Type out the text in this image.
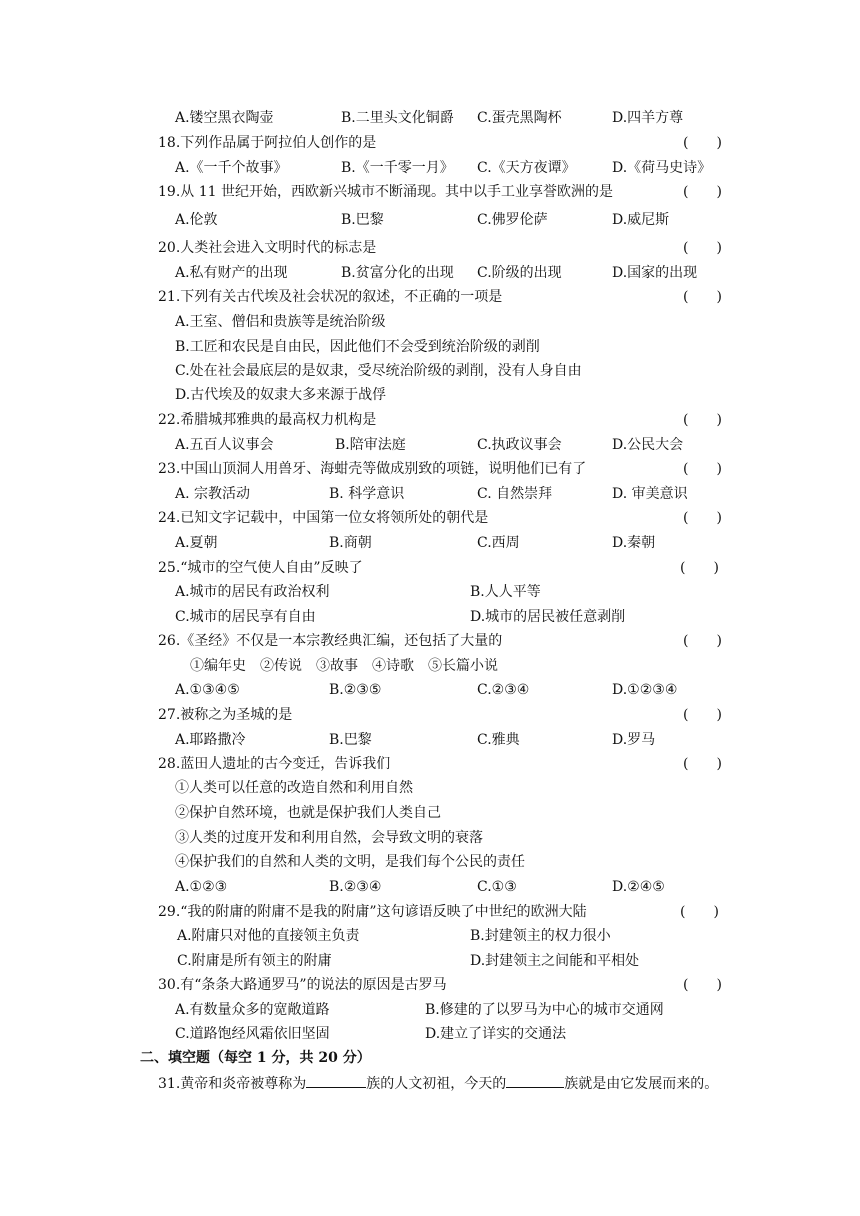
A.镂空黑衣陶壶	B.二里头文化铜爵 C.蛋壳黑陶杯	D.四羊方尊
18.下列作品属于阿拉伯人创作的是	(　　)
A.《一千个故事》	B.《一千零一月》 C.《天方夜谭》	D.《荷马史诗》
19.从 11 世纪开始，西欧新兴城市不断涌现。其中以手工业享誉欧洲的是	(　　)
A.伦敦	B.巴黎	C.佛罗伦萨	D.威尼斯
20.人类社会进入文明时代的标志是	(　　)
A.私有财产的出现	B.贫富分化的出现 C.阶级的出现	D.国家的出现
21.下列有关古代埃及社会状况的叙述，不正确的一项是	(　　)
A.王室、僧侣和贵族等是统治阶级
B.工匠和农民是自由民，因此他们不会受到统治阶级的剥削
C.处在社会最底层的是奴隶，受尽统治阶级的剥削，没有人身自由
D.古代埃及的奴隶大多来源于战俘
22.希腊城邦雅典的最高权力机构是	(　　)
A.五百人议事会	B.陪审法庭	C.执政议事会	D.公民大会
23.中国山顶洞人用兽牙、海蚶壳等做成别致的项链，说明他们已有了	(　　)
A. 宗教活动	B. 科学意识	C. 自然崇拜	D. 审美意识
24.已知文字记载中，中国第一位女将领所处的朝代是	(　　)
A.夏朝	B.商朝	C.西周	D.秦朝
25.“城市的空气使人自由”反映了	(　　)
A.城市的居民有政治权利	B.人人平等
C.城市的居民享有自由	D.城市的居民被任意剥削
26.《圣经》不仅是一本宗教经典汇编，还包括了大量的	(　　)
①编年史　②传说　③故事　④诗歌　⑤长篇小说
A.①③④⑤	B.②③⑤	C.②③④	D.①②③④
27.被称之为圣城的是	(　　)
A.耶路撒冷	B.巴黎	C.雅典	D.罗马
28.蓝田人遗址的古今变迁，告诉我们	(　　)
①人类可以任意的改造自然和利用自然
②保护自然环境，也就是保护我们人类自己
③人类的过度开发和利用自然，会导致文明的衰落
④保护我们的自然和人类的文明，是我们每个公民的责任
A.①②③	B.②③④	C.①③	D.②④⑤
29.“我的附庸的附庸不是我的附庸”这句谚语反映了中世纪的欧洲大陆	(　　)
A.附庸只对他的直接领主负责	B.封建领主的权力很小
C.附庸是所有领主的附庸	D.封建领主之间能和平相处
30.有“条条大路通罗马”的说法的原因是古罗马	(　　)
A.有数量众多的宽敞道路	B.修建的了以罗马为中心的城市交通网
C.道路饱经风霜依旧坚固	D.建立了详实的交通法
二、填空题（每空 1 分，共 20 分）
31.黄帝和炎帝被尊称为	族的人文初祖，今天的	族就是由它发展而来的。
